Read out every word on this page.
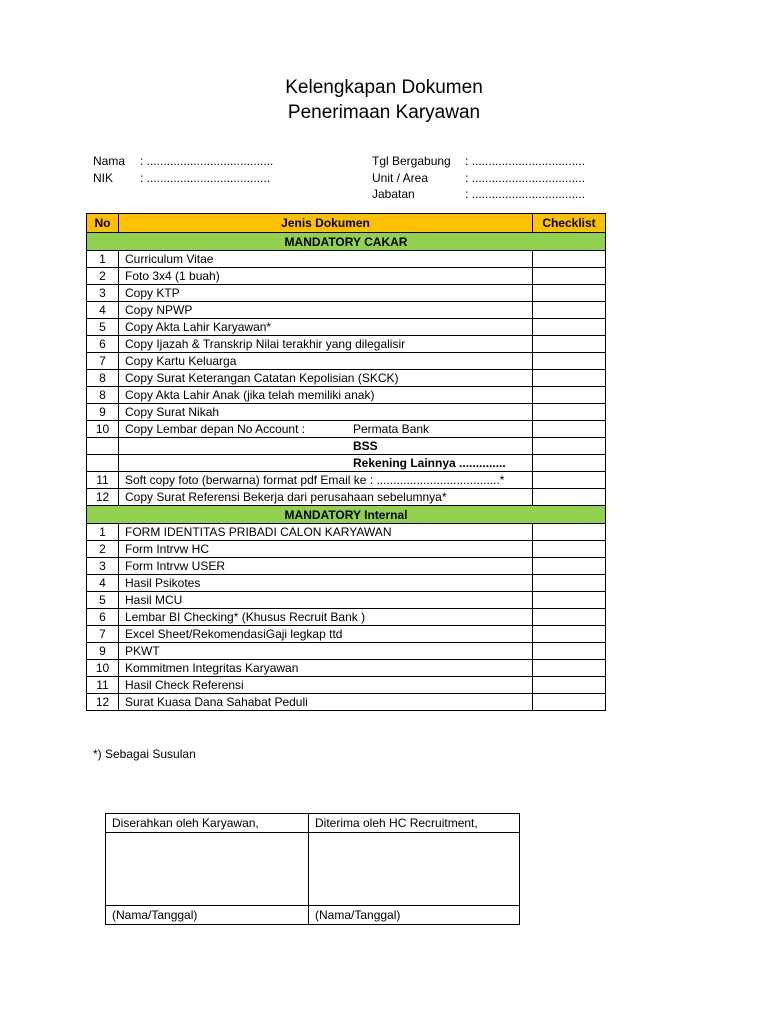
Kelengkapan Dokumen
Penerimaan Karyawan
Nama : ......................................
NIK : .....................................
Tgl Bergabung : ..................................
Unit / Area	: ..................................
Jabatan	: ..................................
No	Jenis Dokumen	Checklist
MANDATORY CAKAR		
1	Curriculum Vitae	
2	Foto 3x4 (1 buah)	
3	Copy KTP	
4	Copy NPWP	
5	Copy Akta Lahir Karyawan*	
6	Copy Ijazah & Transkrip Nilai terakhir yang dilegalisir	
7	Copy Kartu Keluarga	
8	Copy Surat Keterangan Catatan Kepolisian (SKCK)	
8	Copy Akta Lahir Anak (jika telah memiliki anak)	
9	Copy Surat Nikah	
10	Copy Lembar depan No Account : Permata Bank	

	BSS	

	Rekening Lainnya ..............	

11	Soft copy foto (berwarna) format pdf Email ke : .....................................*	
12	Copy Surat Referensi Bekerja dari perusahaan sebelumnya*	
MANDATORY Internal		
1	FORM IDENTITAS PRIBADI CALON KARYAWAN	
2	Form Intrvw HC	
3	Form Intrvw USER	
4	Hasil Psikotes	
5	Hasil MCU	
6	Lembar BI Checking* (Khusus Recruit Bank )	
7	Excel Sheet/RekomendasiGaji legkap ttd	
9	PKWT	
10	Kommitmen Integritas Karyawan	
11	Hasil Check Referensi	
12	Surat Kuasa Dana Sahabat Peduli	
*) Sebagai Susulan
Diserahkan oleh Karyawan,	Diterima oleh HC Recruitment,

(Nama/Tanggal)	(Nama/Tanggal)
